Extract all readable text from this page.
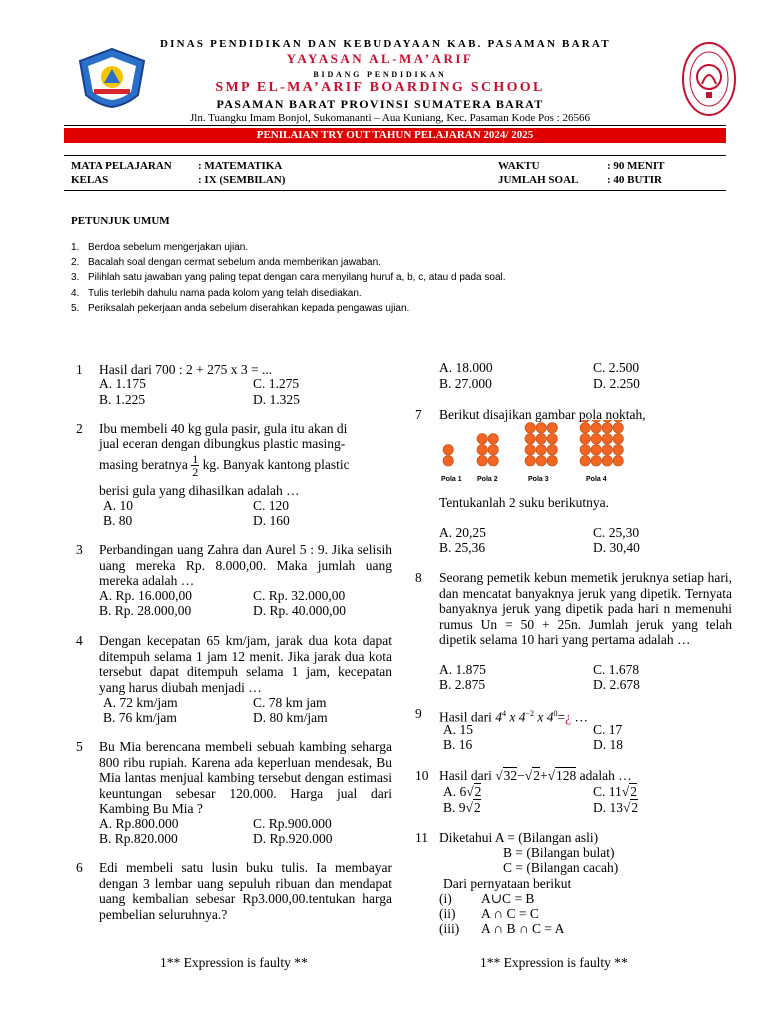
DINAS PENDIDIKAN DAN KEBUDAYAAN KAB. PASAMAN BARAT
YAYASAN AL-MA’ARIF
BIDANG PENDIDIKAN
SMP EL-MA’ARIF BOARDING SCHOOL
PASAMAN BARAT PROVINSI SUMATERA BARAT
Jln. Tuangku Imam Bonjol, Sukomananti – Aua Kuniang, Kec. Pasaman Kode Pos : 26566
PENILAIAN TRY OUT TAHUN PELAJARAN 2024/ 2025
MATA PELAJARAN : MATEMATIKA
KELAS	: IX (SEMBILAN)
WAKTU	: 90 MENIT
JUMLAH SOAL	: 40 BUTIR
PETUNJUK UMUM
1. Berdoa sebelum mengerjakan ujian.
2. Bacalah soal dengan cermat sebelum anda memberikan jawaban.
3. Pilihlah satu jawaban yang paling tepat dengan cara menyilang huruf a, b, c, atau d pada soal.
4. Tulis terlebih dahulu nama pada kolom yang telah disediakan.
5. Periksalah pekerjaan anda sebelum diserahkan kepada pengawas ujian.
1 Hasil dari 700 : 2 + 275 x 3 = ...
A. 1.175	C. 1.275
B. 1.225	D. 1.325
2 Ibu membeli 40 kg gula pasir, gula itu akan di
jual eceran dengan dibungkus plastic masing-
masing beratnya $\frac{1}{2}$ kg. Banyak kantong plastic
berisi gula yang dihasilkan adalah …
A. 10	C. 120
B. 80	D. 160
3 Perbandingan uang Zahra dan Aurel 5 : 9. Jika selisih uang mereka Rp. 8.000,00. Maka jumlah uang mereka adalah …
A. Rp. 16.000,00	C. Rp. 32.000,00
B. Rp. 28.000,00	D. Rp. 40.000,00
4 Dengan kecepatan 65 km/jam, jarak dua kota dapat ditempuh selama 1 jam 12 menit. Jika jarak dua kota tersebut dapat ditempuh selama 1 jam, kecepatan yang harus diubah menjadi …
A. 72 km/jam	C. 78 km jam
B. 76 km/jam	D. 80 km/jam
5 Bu Mia berencana membeli sebuah kambing seharga 800 ribu rupiah. Karena ada keperluan mendesak, Bu Mia lantas menjual kambing tersebut dengan estimasi keuntungan sebesar 120.000. Harga jual dari Kambing Bu Mia ?
A. Rp.800.000	C. Rp.900.000
B. Rp.820.000	D. Rp.920.000
6 Edi membeli satu lusin buku tulis. Ia membayar dengan 3 lembar uang sepuluh ribuan dan mendapat uang kembalian sebesar Rp3.000,00.tentukan harga pembelian seluruhnya.?
1** Expression is faulty **
A. 18.000	C. 2.500
B. 27.000	D. 2.250
7 Berikut disajikan gambar pola noktah,
Pola 1 Pola 2	Pola 3	Pola 4
Tentukanlah 2 suku berikutnya.
A. 20,25	C. 25,30
B. 25,36	D. 30,40
8 Seorang pemetik kebun memetik jeruknya setiap hari, dan mencatat banyaknya jeruk yang dipetik. Ternyata banyaknya jeruk yang dipetik pada hari n memenuhi rumus Un = 50 + 25n. Jumlah jeruk yang telah dipetik selama 10 hari yang pertama adalah …
A. 1.875	C. 1.678
B. 2.875	D. 2.678
9 Hasil dari $4^4$ x $4^{-2}$ x $4^0=¿$ …
A. 15	C. 17
B. 16	D. 18
10 Hasil dari √32−√2+√128 adalah …
A. 6√2	C. 11√2
B. 9√2	D. 13√2
11 Diketahui A = (Bilangan asli)
B = (Bilangan bulat)
C = (Bilangan cacah)
Dari pernyataan berikut
(i) A∪C = B
(ii) A ∩ C = C
(iii) A ∩ B ∩ C = A
1** Expression is faulty **
